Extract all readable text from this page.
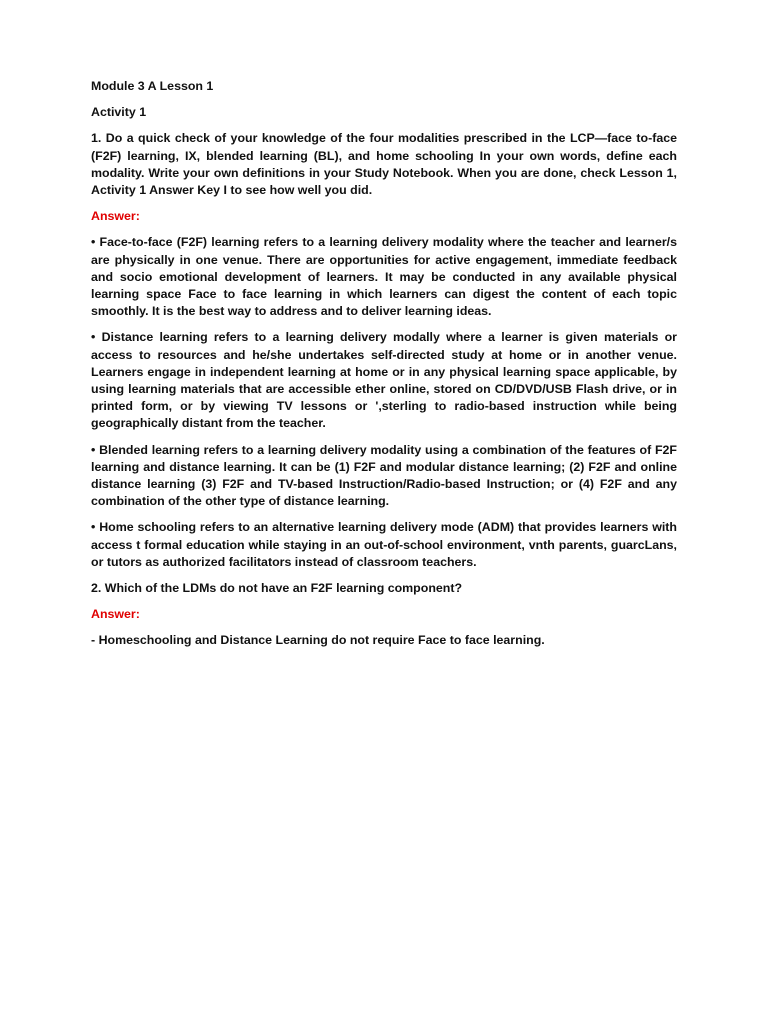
Module 3 A Lesson 1
Activity 1
1. Do a quick check of your knowledge of the four modalities prescribed in the LCP—face to-face (F2F) learning, IX, blended learning (BL), and home schooling In your own words, define each modality. Write your own definitions in your Study Notebook. When you are done, check Lesson 1, Activity 1 Answer Key I to see how well you did.
Answer:
• Face-to-face (F2F) learning refers to a learning delivery modality where the teacher and learner/s are physically in one venue. There are opportunities for active engagement, immediate feedback and socio emotional development of learners. It may be conducted in any available physical learning space Face to face learning in which learners can digest the content of each topic smoothly. It is the best way to address and to deliver learning ideas.
• Distance learning refers to a learning delivery modally where a learner is given materials or access to resources and he/she undertakes self-directed study at home or in another venue. Learners engage in independent learning at home or in any physical learning space applicable, by using learning materials that are accessible ether online, stored on CD/DVD/USB Flash drive, or in printed form, or by viewing TV lessons or ',sterling to radio-based instruction while being geographically distant from the teacher.
• Blended learning refers to a learning delivery modality using a combination of the features of F2F learning and distance learning. It can be (1) F2F and modular distance learning; (2) F2F and online distance learning (3) F2F and TV-based Instruction/Radio-based Instruction; or (4) F2F and any combination of the other type of distance learning.
• Home schooling refers to an alternative learning delivery mode (ADM) that provides learners with access t formal education while staying in an out-of-school environment, vnth parents, guarcLans, or tutors as authorized facilitators instead of classroom teachers.
2. Which of the LDMs do not have an F2F learning component?
Answer:
- Homeschooling and Distance Learning do not require Face to face learning.
